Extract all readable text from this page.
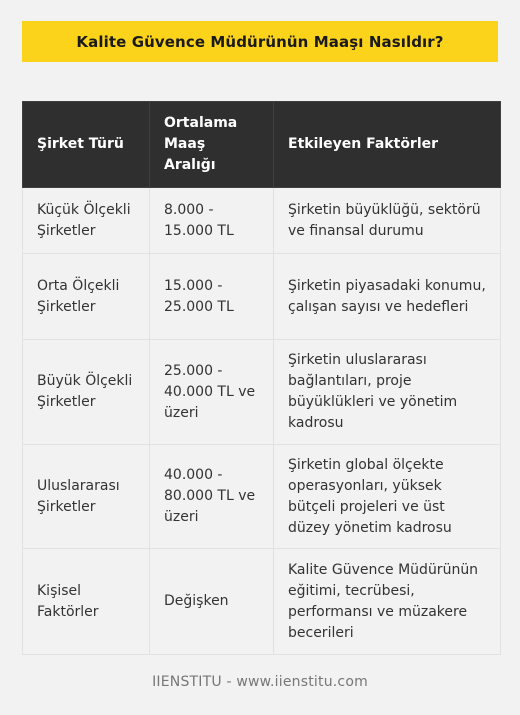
Kalite Güvence Müdürünün Maaşı Nasıldır?
Şirket Türü	Ortalama Maaş Aralığı	Etkileyen Faktörler
Küçük Ölçekli Şirketler	8.000 - 15.000 TL	Şirketin büyüklüğü, sektörü ve finansal durumu
Orta Ölçekli Şirketler	15.000 - 25.000 TL	Şirketin piyasadaki konumu, çalışan sayısı ve hedefleri
Büyük Ölçekli Şirketler	25.000 - 40.000 TL ve üzeri	Şirketin uluslararası bağlantıları, proje büyüklükleri ve yönetim kadrosu
Uluslararası Şirketler	40.000 - 80.000 TL ve üzeri	Şirketin global ölçekte operasyonları, yüksek bütçeli projeleri ve üst düzey yönetim kadrosu
Kişisel Faktörler	Değişken	Kalite Güvence Müdürünün eğitimi, tecrübesi, performansı ve müzakere becerileri
IIENSTITU - www.iienstitu.com
